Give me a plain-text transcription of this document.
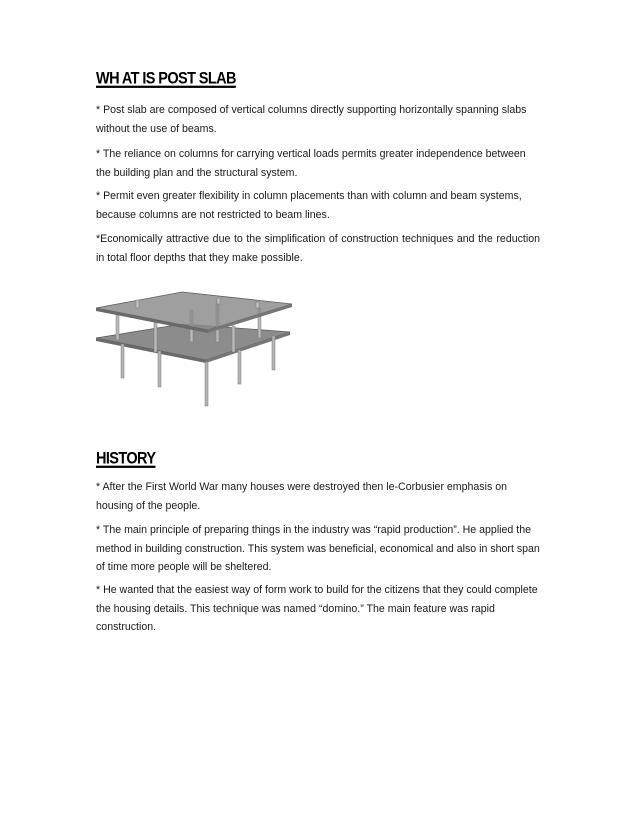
WH AT IS POST SLAB

* Post slab are composed of vertical columns directly supporting horizontally spanning slabs without the use of beams.

* The reliance on columns for carrying vertical loads permits greater independence between the building plan and the structural system.

* Permit even greater flexibility in column placements than with column and beam systems, because columns are not restricted to beam lines.

*Economically attractive due to the simplification of construction techniques and the reduction in total floor depths that they make possible.

HISTORY

* After the First World War many houses were destroyed then le-Corbusier emphasis on housing of the people.

* The main principle of preparing things in the industry was “rapid production”. He applied the method in building construction. This system was beneficial, economical and also in short span of time more people will be sheltered.

* He wanted that the easiest way of form work to build for the citizens that they could complete the housing details. This technique was named “domino.” The main feature was rapid construction.
